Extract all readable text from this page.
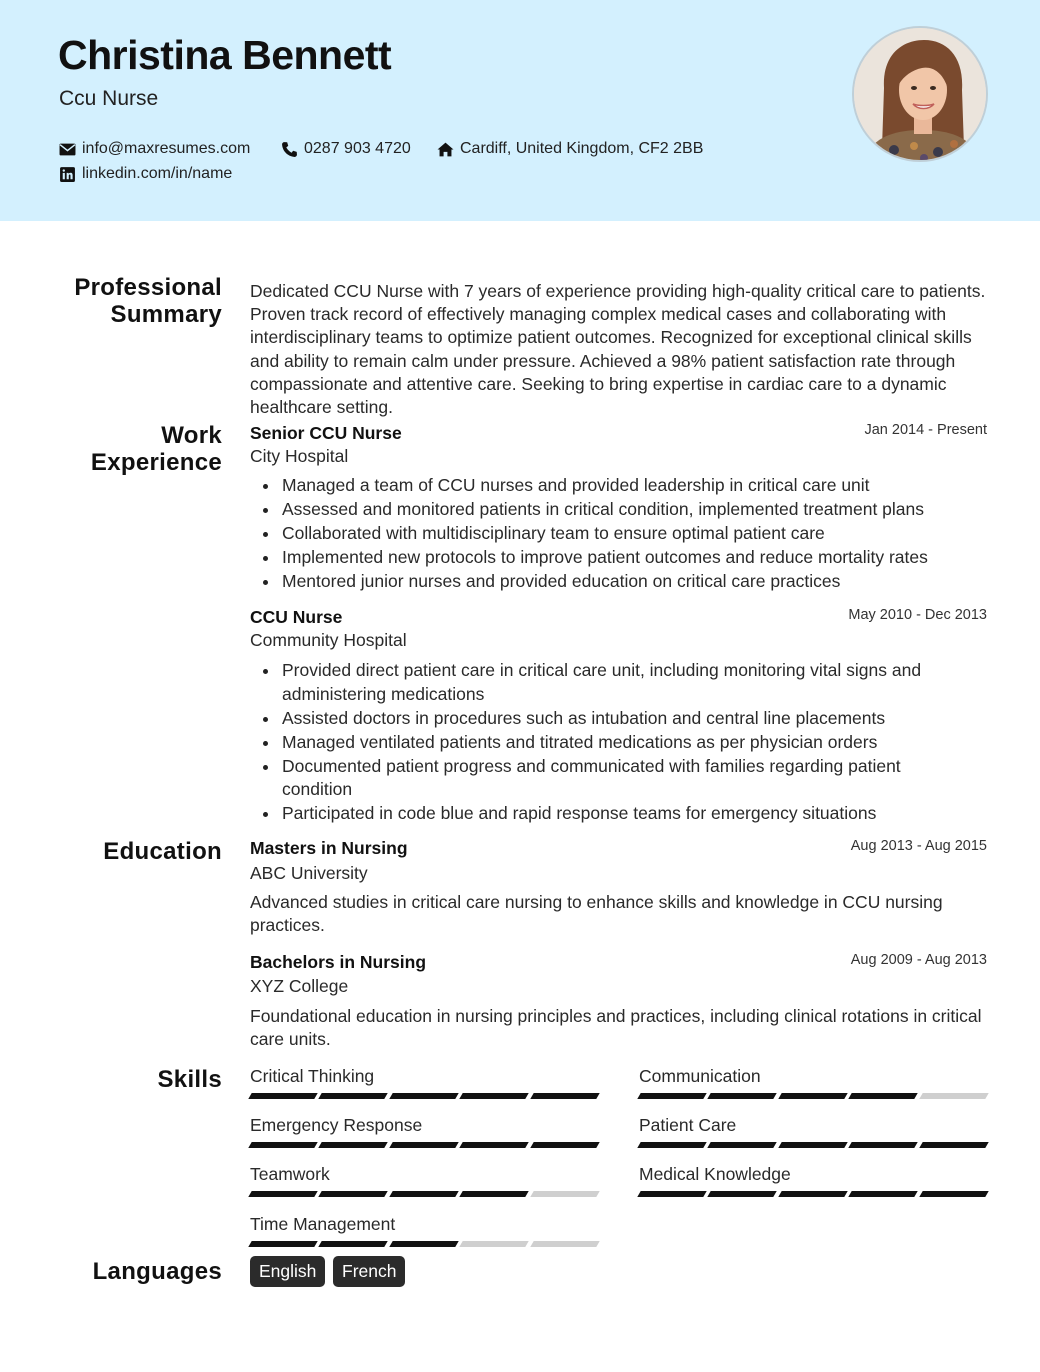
Christina Bennett
Ccu Nurse
info@maxresumes.com	0287 903 4720	Cardiff, United Kingdom, CF2 2BB
linkedin.com/in/name
Professional
Summary
Dedicated CCU Nurse with 7 years of experience providing high-quality critical care to patients. Proven track record of effectively managing complex medical cases and collaborating with interdisciplinary teams to optimize patient outcomes. Recognized for exceptional clinical skills and ability to remain calm under pressure. Achieved a 98% patient satisfaction rate through compassionate and attentive care. Seeking to bring expertise in cardiac care to a dynamic healthcare setting.
Work
Experience
Senior CCU Nurse	Jan 2014 - Present
City Hospital
Managed a team of CCU nurses and provided leadership in critical care unit
Assessed and monitored patients in critical condition, implemented treatment plans
Collaborated with multidisciplinary team to ensure optimal patient care
Implemented new protocols to improve patient outcomes and reduce mortality rates
Mentored junior nurses and provided education on critical care practices
CCU Nurse	May 2010 - Dec 2013
Community Hospital
Provided direct patient care in critical care unit, including monitoring vital signs and administering medications
Assisted doctors in procedures such as intubation and central line placements
Managed ventilated patients and titrated medications as per physician orders
Documented patient progress and communicated with families regarding patient condition
Participated in code blue and rapid response teams for emergency situations
Education Masters in Nursing	Aug 2013 - Aug 2015
ABC University
Advanced studies in critical care nursing to enhance skills and knowledge in CCU nursing practices.
Bachelors in Nursing	Aug 2009 - Aug 2013
XYZ College
Foundational education in nursing principles and practices, including clinical rotations in critical care units.
Skills Critical Thinking	Communication
Emergency Response	Patient Care
Teamwork	Medical Knowledge
Time Management
Languages	English	French
